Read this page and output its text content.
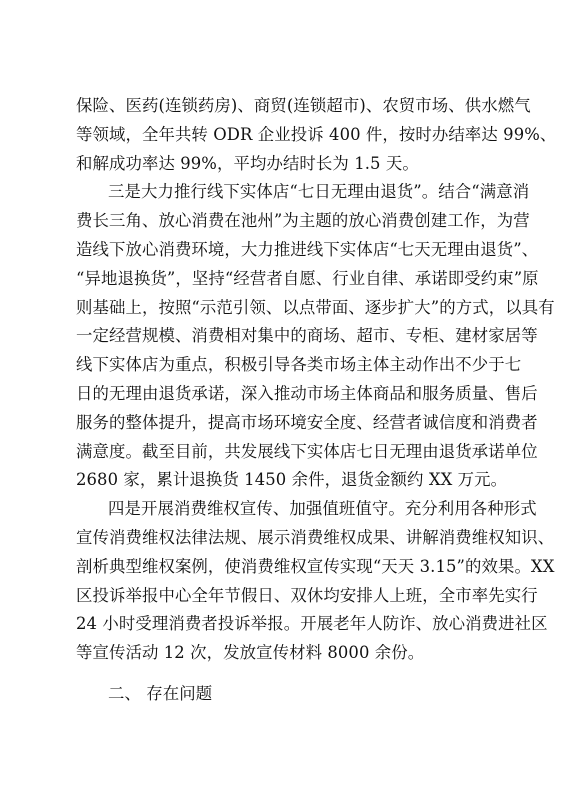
保险、医药(连锁药房)、商贸(连锁超市)、农贸市场、供水燃气
等领域，全年共转 ODR 企业投诉 400 件，按时办结率达 99%、
和解成功率达 99%，平均办结时长为 1.5 天。
三是大力推行线下实体店“七日无理由退货”。结合“满意消
费长三角、放心消费在池州”为主题的放心消费创建工作，为营
造线下放心消费环境，大力推进线下实体店“七天无理由退货”、
“异地退换货”，坚持“经营者自愿、行业自律、承诺即受约束”原
则基础上，按照“示范引领、以点带面、逐步扩大”的方式，以具有
一定经营规模、消费相对集中的商场、超市、专柜、建材家居等
线下实体店为重点，积极引导各类市场主体主动作出不少于七
日的无理由退货承诺，深入推动市场主体商品和服务质量、售后
服务的整体提升，提高市场环境安全度、经营者诚信度和消费者
满意度。截至目前，共发展线下实体店七日无理由退货承诺单位
2680 家，累计退换货 1450 余件，退货金额约 XX 万元。
四是开展消费维权宣传、加强值班值守。充分利用各种形式
宣传消费维权法律法规、展示消费维权成果、讲解消费维权知识、
剖析典型维权案例，使消费维权宣传实现“天天 3.15”的效果。XX
区投诉举报中心全年节假日、双休均安排人上班，全市率先实行
24 小时受理消费者投诉举报。开展老年人防诈、放心消费进社区
等宣传活动 12 次，发放宣传材料 8000 余份。
二、 存在问题
